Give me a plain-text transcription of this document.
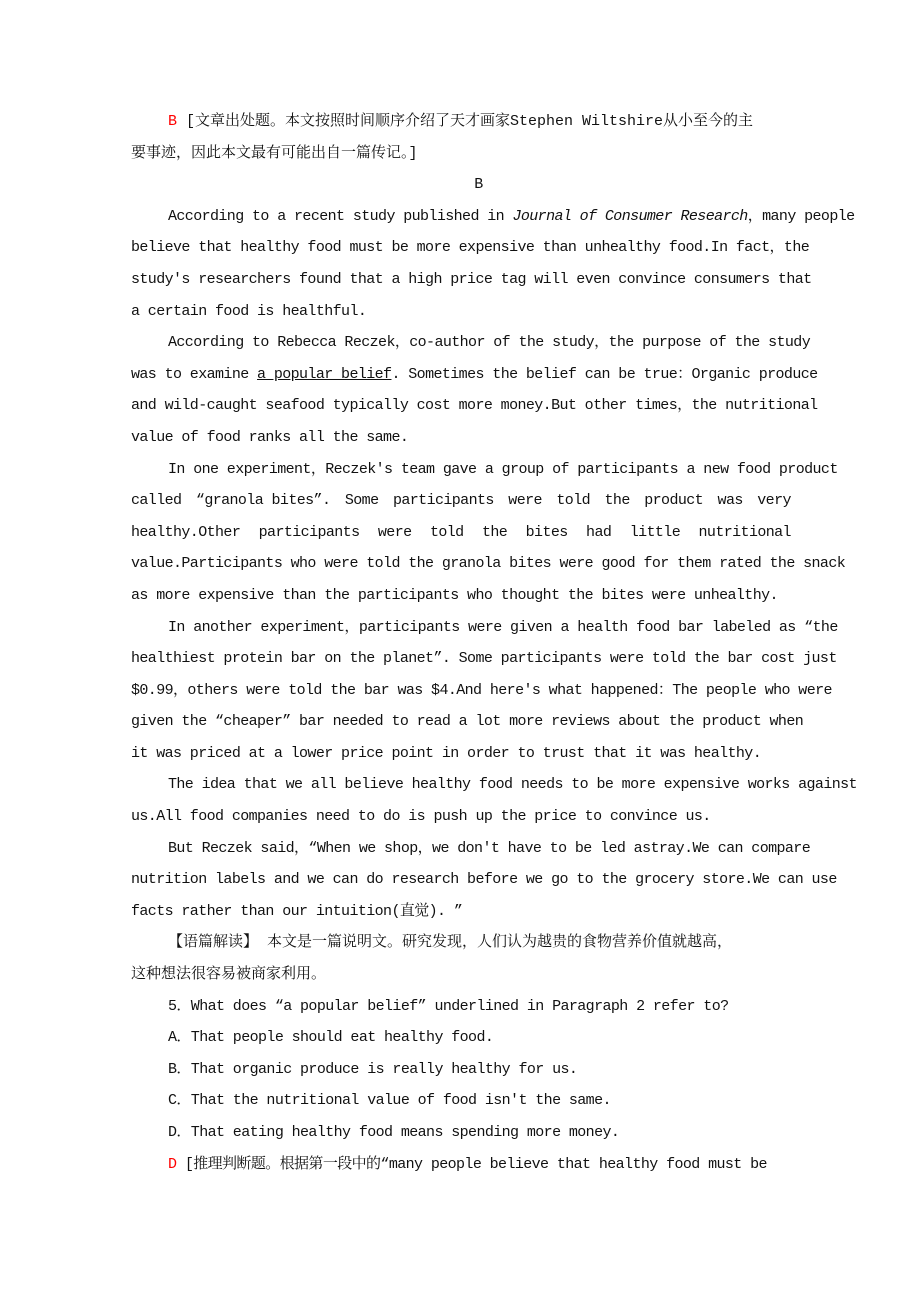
B [文章出处题。本文按照时间顺序介绍了天才画家Stephen Wiltshire从小至今的主
要事迹，因此本文最有可能出自一篇传记。]
B
According to a recent study published in Journal of Consumer Research，many people
believe that healthy food must be more expensive than unhealthy food.In fact，the
study's researchers found that a high price tag will even convince consumers that
a certain food is healthful.
According to Rebecca Reczek，co-author of the study，the purpose of the study
was to examine a popular belief. Sometimes the belief can be true：Organic produce
and wild-caught seafood typically cost more money.But other times，the nutritional
value of food ranks all the same.
In one experiment，Reczek's team gave a group of participants a new food product
called “granola bites”. Some participants were told the product was very
healthy.Other participants were told the bites had little nutritional
value.Participants who were told the granola bites were good for them rated the snack
as more expensive than the participants who thought the bites were unhealthy.
In another experiment，participants were given a health food bar labeled as “the
healthiest protein bar on the planet”. Some participants were told the bar cost just
$0.99，others were told the bar was $4.And here's what happened：The people who were
given the “cheaper” bar needed to read a lot more reviews about the product when
it was priced at a lower price point in order to trust that it was healthy.
The idea that we all believe healthy food needs to be more expensive works against
us.All food companies need to do is push up the price to convince us.
But Reczek said，“When we shop，we don't have to be led astray.We can compare
nutrition labels and we can do research before we go to the grocery store.We can use
facts rather than our intuition(直觉). ”
【语篇解读】 本文是一篇说明文。研究发现，人们认为越贵的食物营养价值就越高，
这种想法很容易被商家利用。
5．What does “a popular belief” underlined in Paragraph 2 refer to?
A．That people should eat healthy food.
B．That organic produce is really healthy for us.
C．That the nutritional value of food isn't the same.
D．That eating healthy food means spending more money.
D [推理判断题。根据第一段中的“many people believe that healthy food must be
